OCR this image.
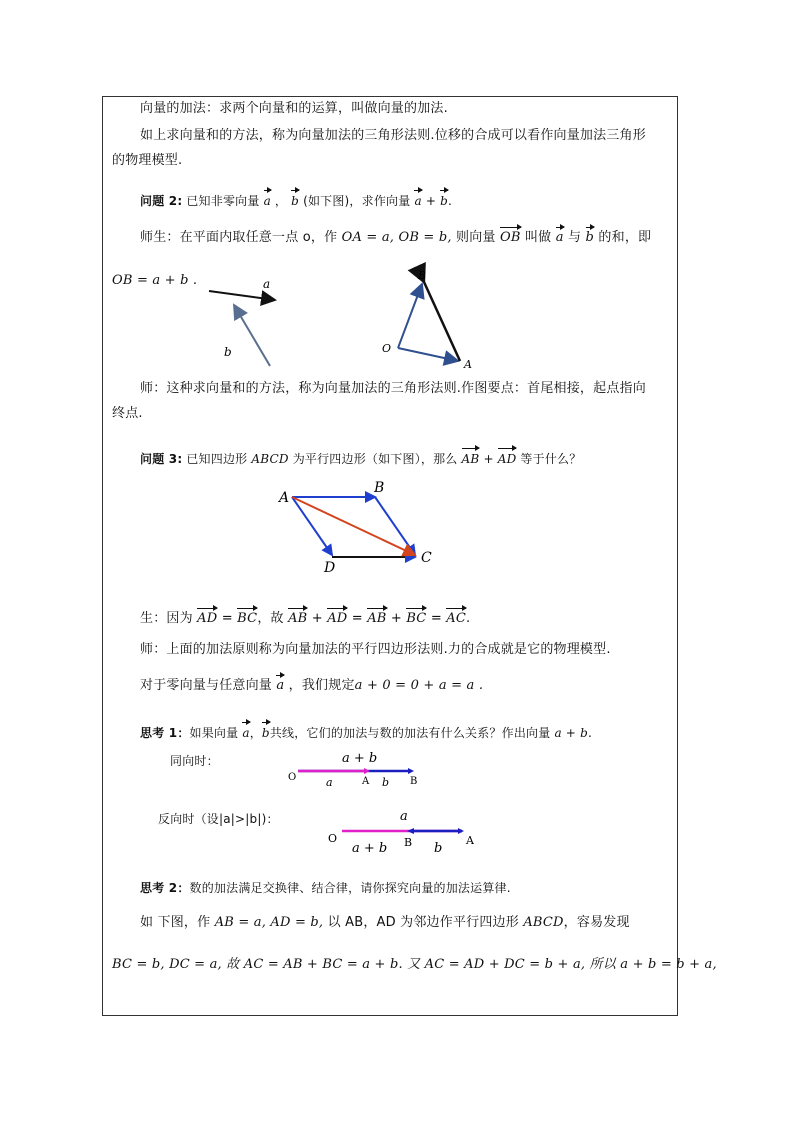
向量的加法：求两个向量和的运算，叫做向量的加法.
如上求向量和的方法，称为向量加法的三角形法则.位移的合成可以看作向量加法三角形
的物理模型.
问题 2: 已知非零向量 a ， b (如下图)，求作向量 a + b.
师生：在平面内取任意一点 o，作 OA = a, OB = b, 则向量 OB 叫做 a 与 b 的和，即
OB = a + b .	a
b
B
O
A
师：这种求向量和的方法，称为向量加法的三角形法则.作图要点：首尾相接，起点指向
终点.
问题 3: 已知四边形 ABCD 为平行四边形（如下图），那么 AB + AD 等于什么？
A
B
C
D
生：因为 AD = BC，故 AB + AD = AB + BC = AC.
师：上面的加法原则称为向量加法的平行四边形法则.力的合成就是它的物理模型.
对于零向量与任意向量 a ，我们规定a + 0 = 0 + a = a .
思考 1：如果向量 a，b共线，它们的加法与数的加法有什么关系？作出向量 a + b.
同向时：	a + b
O	A	B
a	b
反向时（设|a|>|b|)：	a
O	B	A
a + b	b
思考 2：数的加法满足交换律、结合律，请你探究向量的加法运算律.
如 下图，作 AB = a, AD = b, 以 AB，AD 为邻边作平行四边形 ABCD，容易发现
BC = b, DC = a, 故 AC = AB + BC = a + b. 又 AC = AD + DC = b + a, 所以 a + b = b + a,
